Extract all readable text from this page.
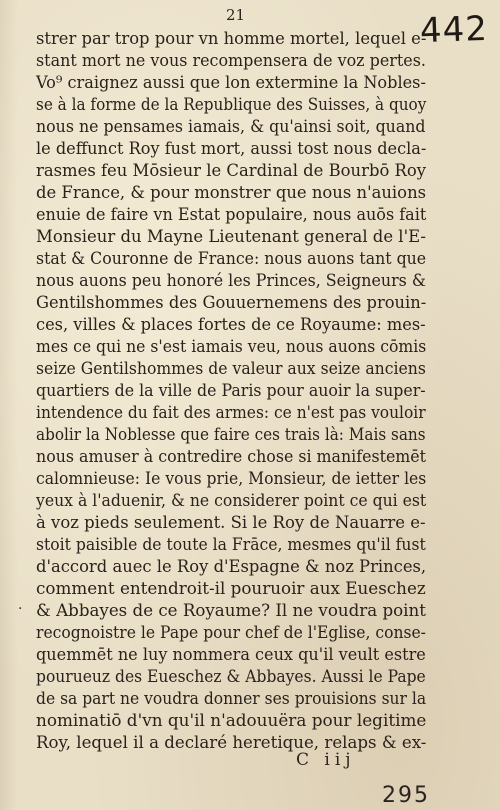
21	442
strer par trop pour vn homme mortel, lequel e-
stant mort ne vous recompensera de voz pertes.
Vo⁹ craignez aussi que lon extermine la Nobles-
se à la forme de la Republique des Suisses, à quoy
nous ne pensames iamais, & qu'ainsi soit, quand
le deffunct Roy fust mort, aussi tost nous decla-
rasmes feu Mōsieur le Cardinal de Bourbō Roy
de France, & pour monstrer que nous n'auions
enuie de faire vn Estat populaire, nous auōs fait
Monsieur du Mayne Lieutenant general de l'E-
stat & Couronne de France: nous auons tant que
nous auons peu honoré les Princes, Seigneurs &
Gentilshommes des Gouuernemens des prouin-
ces, villes & places fortes de ce Royaume: mes-
mes ce qui ne s'est iamais veu, nous auons cōmis
seize Gentilshommes de valeur aux seize anciens
quartiers de la ville de Paris pour auoir la super-
intendence du fait des armes: ce n'est pas vouloir
abolir la Noblesse que faire ces trais là: Mais sans
nous amuser à contredire chose si manifestemēt
calomnieuse: Ie vous prie, Monsieur, de ietter les
yeux à l'aduenir, & ne considerer point ce qui est
à voz pieds seulement. Si le Roy de Nauarre e-
stoit paisible de toute la Frāce, mesmes qu'il fust
d'accord auec le Roy d'Espagne & noz Princes,
comment entendroit-il pouruoir aux Eueschez
& Abbayes de ce Royaume? Il ne voudra point
recognoistre le Pape pour chef de l'Eglise, conse-
quemmēt ne luy nommera ceux qu'il veult estre
pourueuz des Eueschez & Abbayes. Aussi le Pape
de sa part ne voudra donner ses prouisions sur la
nominatiō d'vn qu'il n'adouuëra pour legitime
Roy, lequel il a declaré heretique, relaps & ex-
.
C iij
295
